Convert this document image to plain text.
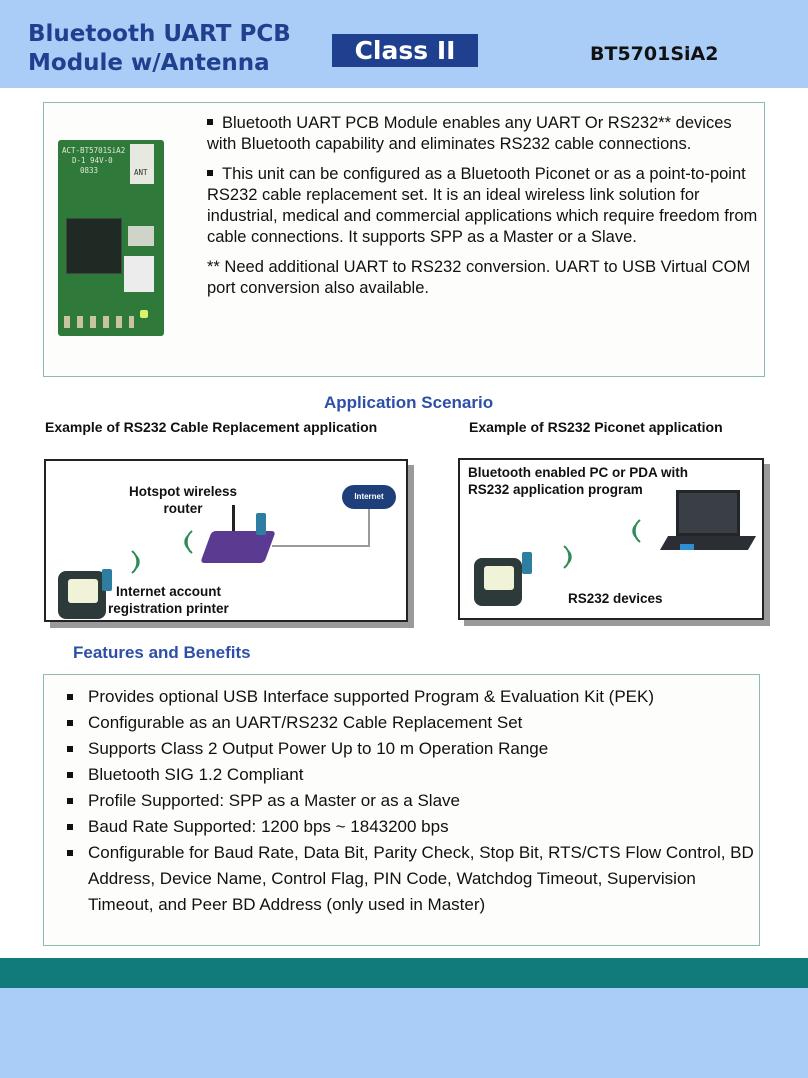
Bluetooth UART PCB
Module w/Antenna	Class II	BT5701SiA2
ACT-BT5701SiA2
D-1 94V-0
0833	ANT

Bluetooth UART PCB Module enables any UART Or RS232** devices with Bluetooth capability and eliminates RS232 cable connections.

This unit can be configured as a Bluetooth Piconet or as a point-to-point RS232 cable replacement set. It is an ideal wireless link solution for industrial, medical and commercial applications which require freedom from cable connections. It supports SPP as a Master or a Slave.

** Need additional UART to RS232 conversion. UART to USB Virtual COM port conversion also available.

Application Scenario
Example of RS232 Cable Replacement application	Example of RS232 Piconet application
Hotspot wireless
router
Internet
Internet account
registration printer
Bluetooth enabled PC or PDA with
RS232 application program
RS232 devices
Features and Benefits
Provides optional USB Interface supported Program & Evaluation Kit (PEK)
Configurable as an UART/RS232 Cable Replacement Set
Supports Class 2 Output Power Up to 10 m Operation Range
Bluetooth SIG 1.2 Compliant
Profile Supported: SPP as a Master or as a Slave
Baud Rate Supported: 1200 bps ~ 1843200 bps
Configurable for Baud Rate, Data Bit, Parity Check, Stop Bit, RTS/CTS Flow Control, BD Address, Device Name, Control Flag, PIN Code, Watchdog Timeout, Supervision Timeout, and Peer BD Address (only used in Master)
